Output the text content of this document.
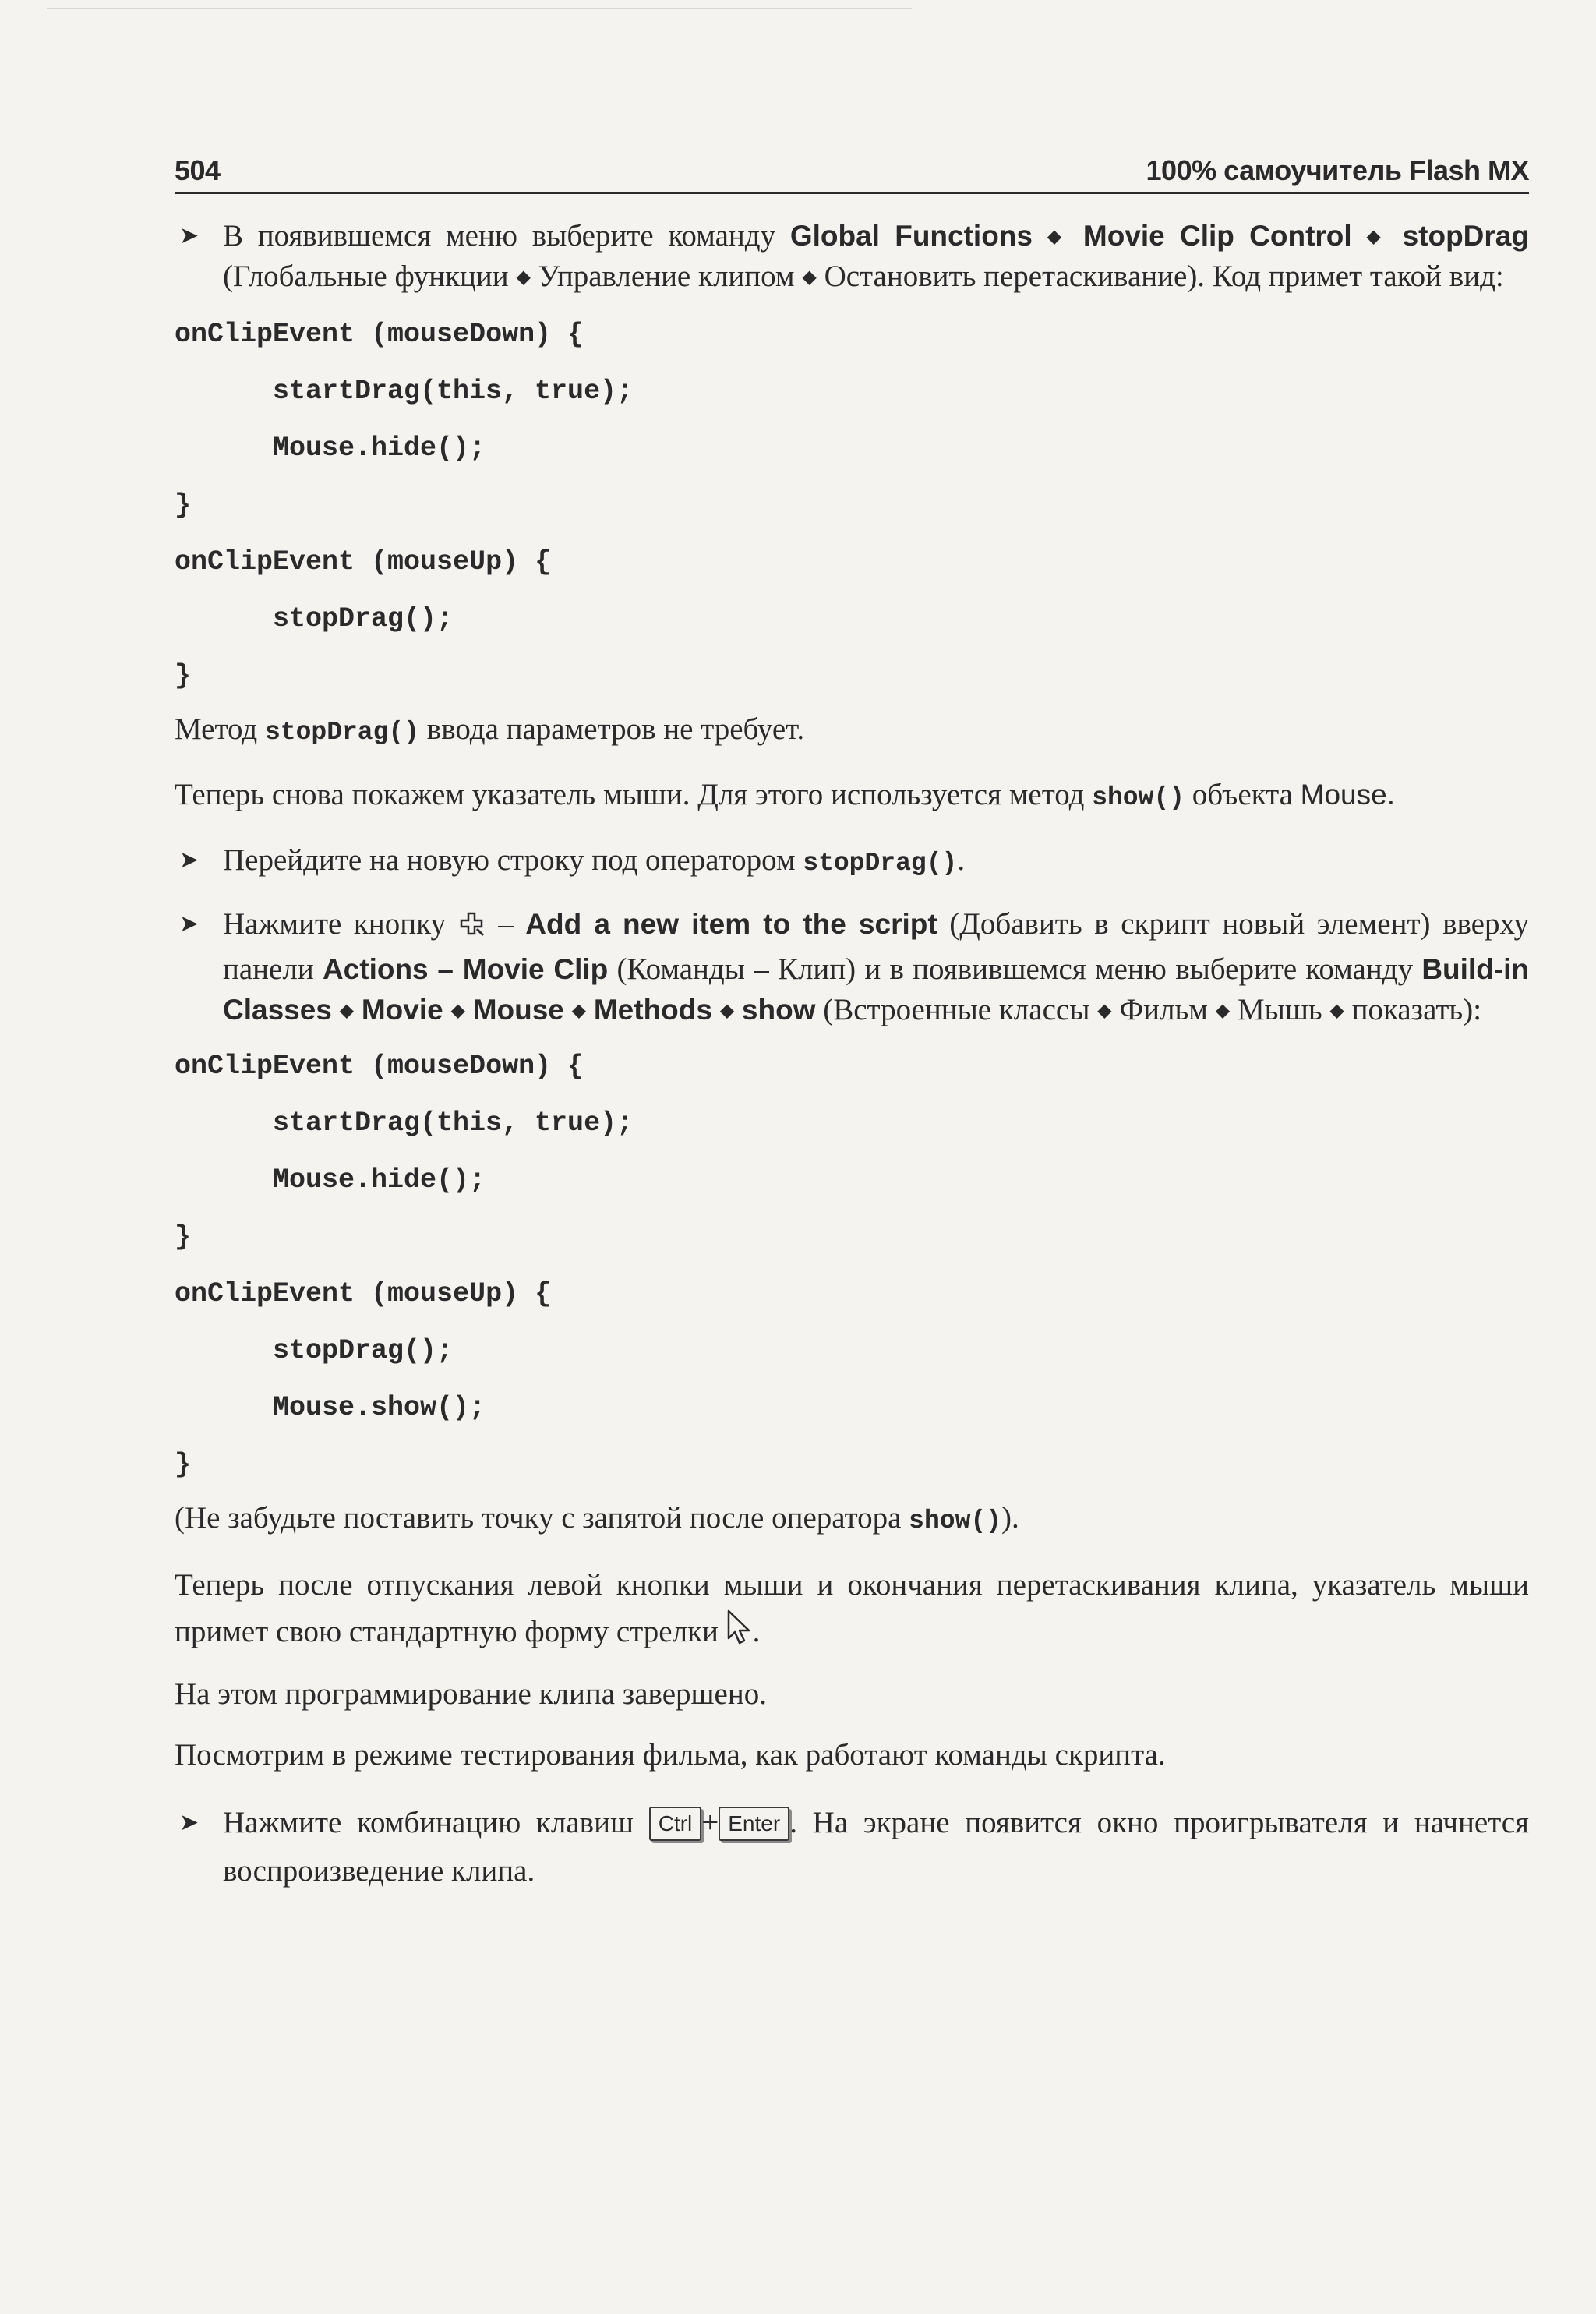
504	100% самоучитель Flash MX
➤ В появившемся меню выберите команду Global Functions ◆ Movie Clip Control ◆ stopDrag (Глобальные функции ◆ Управление клипом ◆ Остановить перетаскивание). Код примет такой вид:
onClipEvent (mouseDown) {
startDrag(this, true);
Mouse.hide();
}
onClipEvent (mouseUp) {
stopDrag();
}

Метод stopDrag() ввода параметров не требует.

Теперь снова покажем указатель мыши. Для этого используется метод show() объекта Mouse.

➤ Перейдите на новую строку под оператором stopDrag().
➤ Нажмите кнопку – Add a new item to the script (Добавить в скрипт новый элемент) вверху панели Actions – Movie Clip (Команды – Клип) и в появившемся меню выберите команду Build-in Classes ◆ Movie ◆ Mouse ◆ Methods ◆ show (Встроенные классы ◆ Фильм ◆ Мышь ◆ показать):
onClipEvent (mouseDown) {
startDrag(this, true);
Mouse.hide();
}
onClipEvent (mouseUp) {
stopDrag();
Mouse.show();
}

(Не забудьте поставить точку с запятой после оператора show()).

Теперь после отпускания левой кнопки мыши и окончания перетаскивания клипа, указатель мыши примет свою стандартную форму стрелки .

На этом программирование клипа завершено.

Посмотрим в режиме тестирования фильма, как работают команды скрипта.

➤ Нажмите комбинацию клавиш Ctrl + Enter . На экране появится окно проигрывателя и начнется воспроизведение клипа.
